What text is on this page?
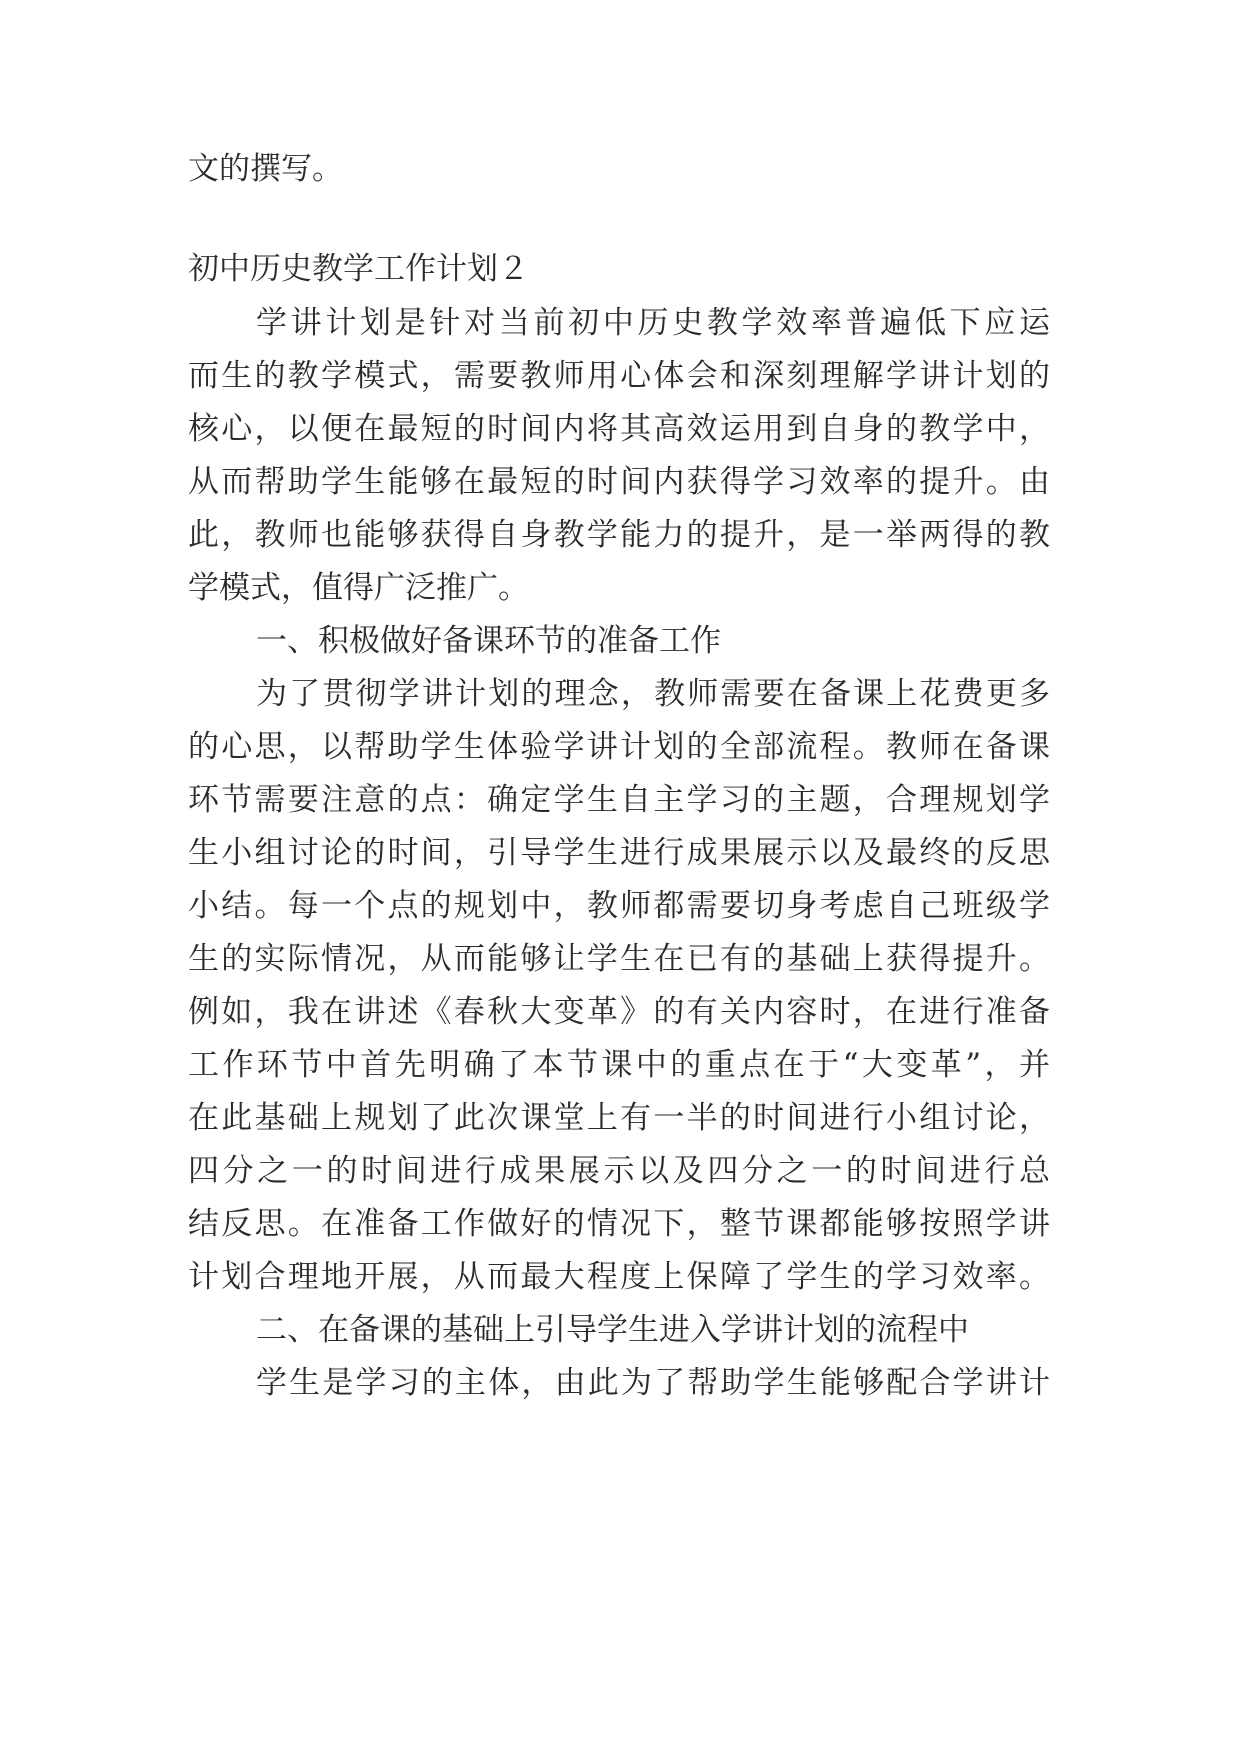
文的撰写。
初中历史教学工作计划２
学讲计划是针对当前初中历史教学效率普遍低下应运
而生的教学模式，需要教师用心体会和深刻理解学讲计划的
核心，以便在最短的时间内将其高效运用到自身的教学中，
从而帮助学生能够在最短的时间内获得学习效率的提升。由
此，教师也能够获得自身教学能力的提升，是一举两得的教
学模式，值得广泛推广。
一、积极做好备课环节的准备工作
为了贯彻学讲计划的理念，教师需要在备课上花费更多
的心思，以帮助学生体验学讲计划的全部流程。教师在备课
环节需要注意的点：确定学生自主学习的主题，合理规划学
生小组讨论的时间，引导学生进行成果展示以及最终的反思
小结。每一个点的规划中，教师都需要切身考虑自己班级学
生的实际情况，从而能够让学生在已有的基础上获得提升。
例如，我在讲述《春秋大变革》的有关内容时，在进行准备
工作环节中首先明确了本节课中的重点在于“大变革”，并
在此基础上规划了此次课堂上有一半的时间进行小组讨论，
四分之一的时间进行成果展示以及四分之一的时间进行总
结反思。在准备工作做好的情况下，整节课都能够按照学讲
计划合理地开展，从而最大程度上保障了学生的学习效率。
二、在备课的基础上引导学生进入学讲计划的流程中
学生是学习的主体，由此为了帮助学生能够配合学讲计
